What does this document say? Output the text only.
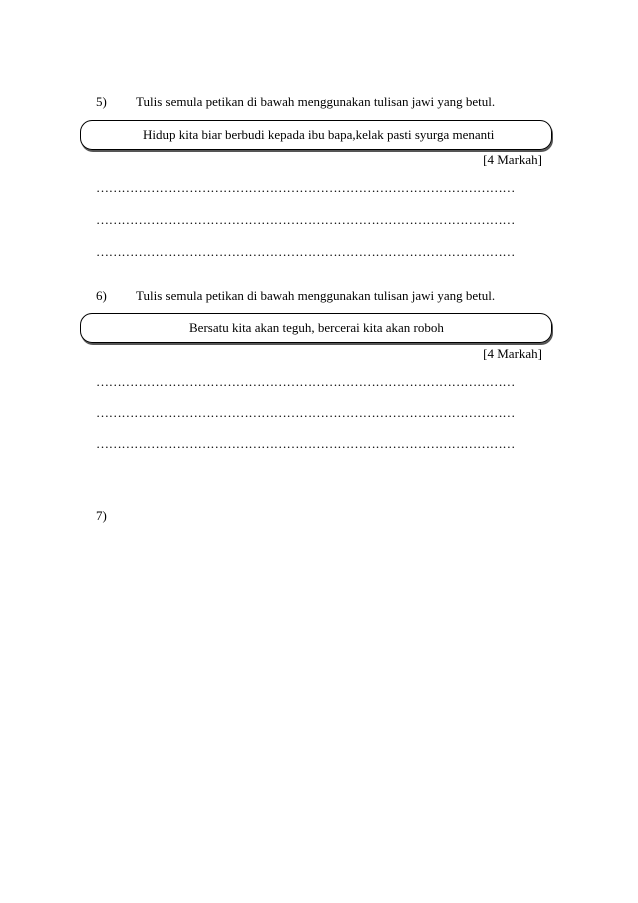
5) Tulis semula petikan di bawah menggunakan tulisan jawi yang betul.
Hidup kita biar berbudi kepada ibu bapa,kelak pasti syurga menanti
[4 Markah]
………………………………………………………………………………………
………………………………………………………………………………………
………………………………………………………………………………………
6) Tulis semula petikan di bawah menggunakan tulisan jawi yang betul.
Bersatu kita akan teguh, bercerai kita akan roboh
[4 Markah]
………………………………………………………………………………………
………………………………………………………………………………………
………………………………………………………………………………………
7)
